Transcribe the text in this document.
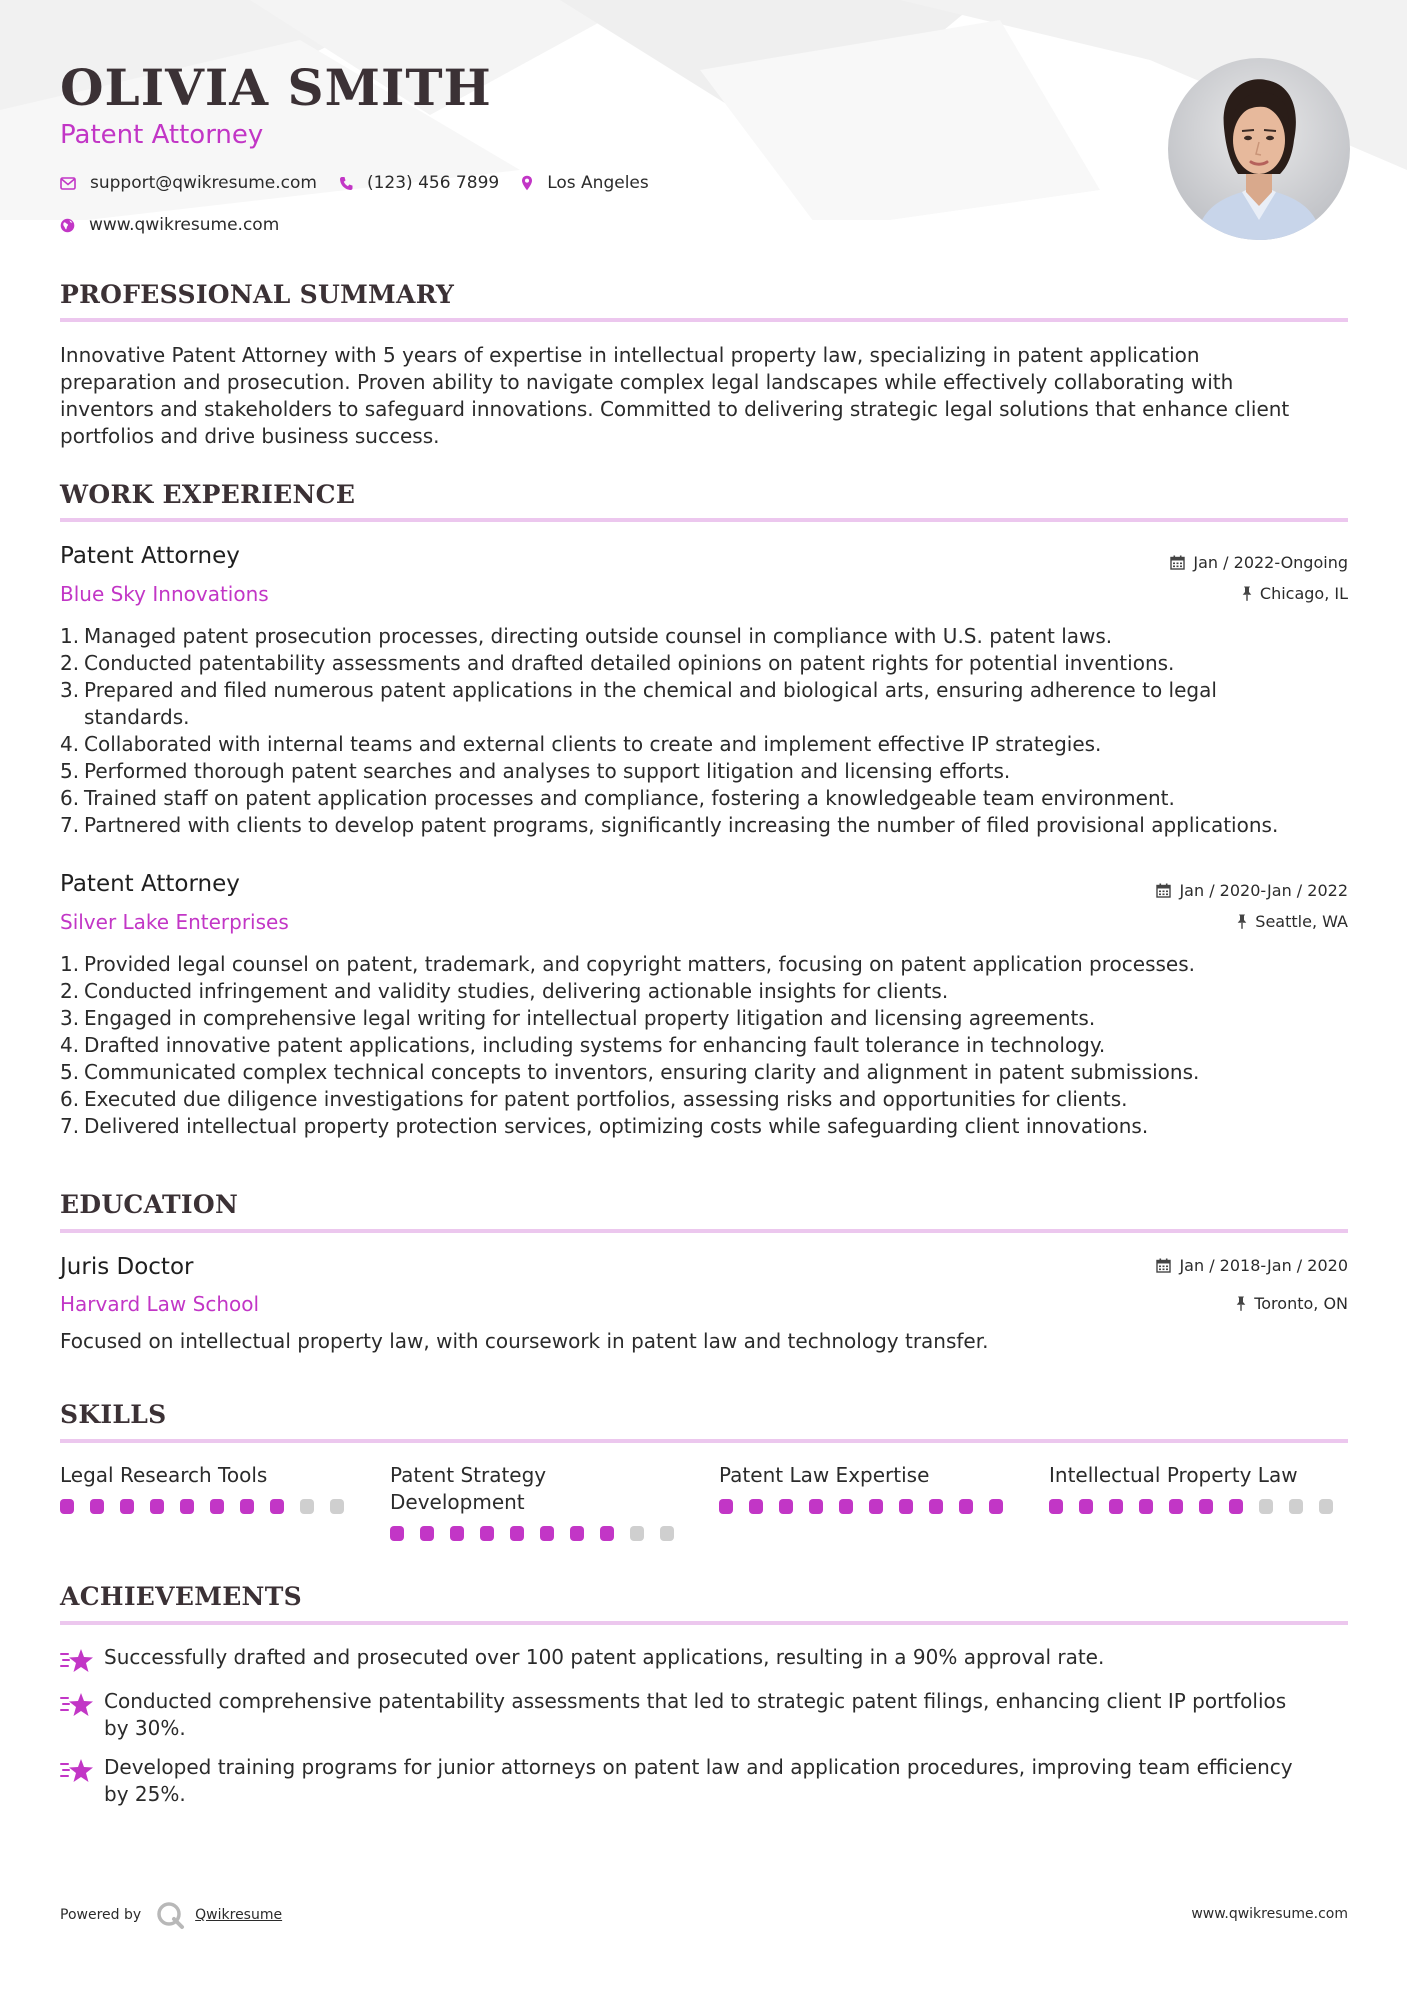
OLIVIA SMITH
Patent Attorney
support@qwikresume.com	(123) 456 7899	Los Angeles
www.qwikresume.com
PROFESSIONAL SUMMARY
Innovative Patent Attorney with 5 years of expertise in intellectual property law, specializing in patent application
preparation and prosecution. Proven ability to navigate complex legal landscapes while effectively collaborating with
inventors and stakeholders to safeguard innovations. Committed to delivering strategic legal solutions that enhance client
portfolios and drive business success.
WORK EXPERIENCE
Patent Attorney	Jan / 2022-Ongoing
Blue Sky Innovations	Chicago, IL
1. Managed patent prosecution processes, directing outside counsel in compliance with U.S. patent laws.
2. Conducted patentability assessments and drafted detailed opinions on patent rights for potential inventions.
3. Prepared and filed numerous patent applications in the chemical and biological arts, ensuring adherence to legal
standards.
4. Collaborated with internal teams and external clients to create and implement effective IP strategies.
5. Performed thorough patent searches and analyses to support litigation and licensing efforts.
6. Trained staff on patent application processes and compliance, fostering a knowledgeable team environment.
7. Partnered with clients to develop patent programs, significantly increasing the number of filed provisional applications.
Patent Attorney	Jan / 2020-Jan / 2022
Silver Lake Enterprises	Seattle, WA
1. Provided legal counsel on patent, trademark, and copyright matters, focusing on patent application processes.
2. Conducted infringement and validity studies, delivering actionable insights for clients.
3. Engaged in comprehensive legal writing for intellectual property litigation and licensing agreements.
4. Drafted innovative patent applications, including systems for enhancing fault tolerance in technology.
5. Communicated complex technical concepts to inventors, ensuring clarity and alignment in patent submissions.
6. Executed due diligence investigations for patent portfolios, assessing risks and opportunities for clients.
7. Delivered intellectual property protection services, optimizing costs while safeguarding client innovations.
EDUCATION
Juris Doctor	Jan / 2018-Jan / 2020
Harvard Law School	Toronto, ON
Focused on intellectual property law, with coursework in patent law and technology transfer.
SKILLS
Legal Research Tools	Patent Strategy
Development
Patent Law Expertise	Intellectual Property Law
ACHIEVEMENTS
Successfully drafted and prosecuted over 100 patent applications, resulting in a 90% approval rate.
Conducted comprehensive patentability assessments that led to strategic patent filings, enhancing client IP portfolios
by 30%.
Developed training programs for junior attorneys on patent law and application procedures, improving team efficiency
by 25%.
Powered by	Qwikresume	www.qwikresume.com
